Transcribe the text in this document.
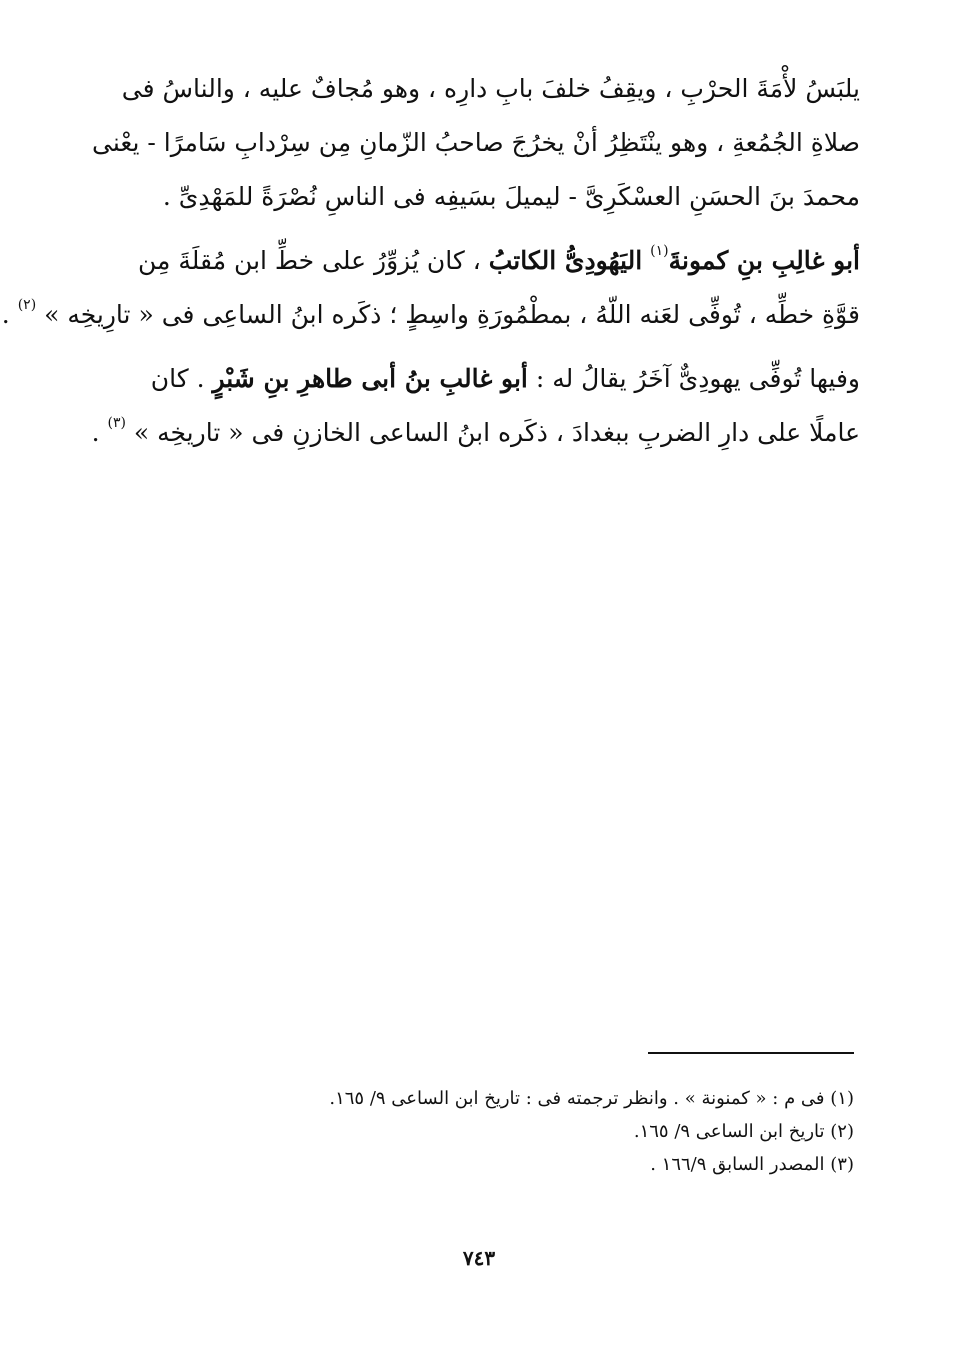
يلبَسُ لأْمَةَ الحرْبِ ، ويقِفُ خلفَ بابِ دارِه ، وهو مُجافٌ عليه ، والناسُ فى
صلاةِ الجُمُعةِ ، وهو ينْتَظِرُ أنْ يخرُجَ صاحبُ الزّمانِ مِن سِرْدابِ سَامرًا - يعْنى
محمدَ بنَ الحسَنِ العسْكَرِىَّ - ليميلَ بسَيفِه فى الناسِ نُصْرَةً للمَهْدِىِّ .

أبو غالِبِ بنِ كمونةَ$^{(١)}$ اليَهُودِىُّ الكاتبُ ، كان يُزوِّرُ على خطِّ ابن مُقلَةَ مِن
قوَّةِ خطِّه ، تُوفِّى لعَنه اللّهُ ، بمطْمُورَةِ واسِطٍ ؛ ذكَره ابنُ الساعِى فى « تارِيخِه » $^{(٢)}$ .

وفيها تُوفِّى يهودِىٌّ آخَرُ يقالُ له : أبو غالبِ بنُ أبى طاهرِ بنِ شَبْرٍ . كان
عاملًا على دارِ الضربِ ببغدادَ ، ذكَره ابنُ الساعى الخازنِ فى « تاريخِه » $^{(٣)}$ .

(١) فى م : « كمنونة » . وانظر ترجمته فى : تاريخ ابن الساعى ٩/ ١٦٥.
(٢) تاريخ ابن الساعى ٩/ ١٦٥.
(٣) المصدر السابق ١٦٦/٩ .
٧٤٣
